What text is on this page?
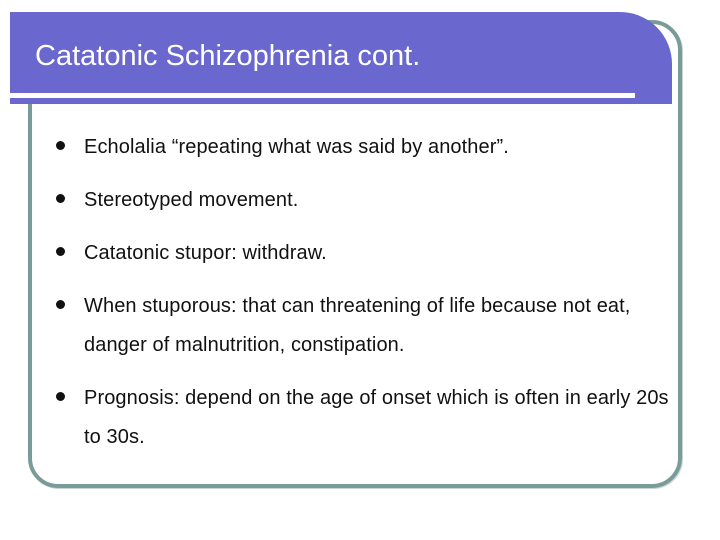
Catatonic Schizophrenia cont.
Echolalia “repeating what was said by another”.
Stereotyped movement.
Catatonic stupor: withdraw.
When stuporous: that can threatening of life because not eat, danger of malnutrition, constipation.
Prognosis: depend on the age of onset which is often in early 20s to 30s.
